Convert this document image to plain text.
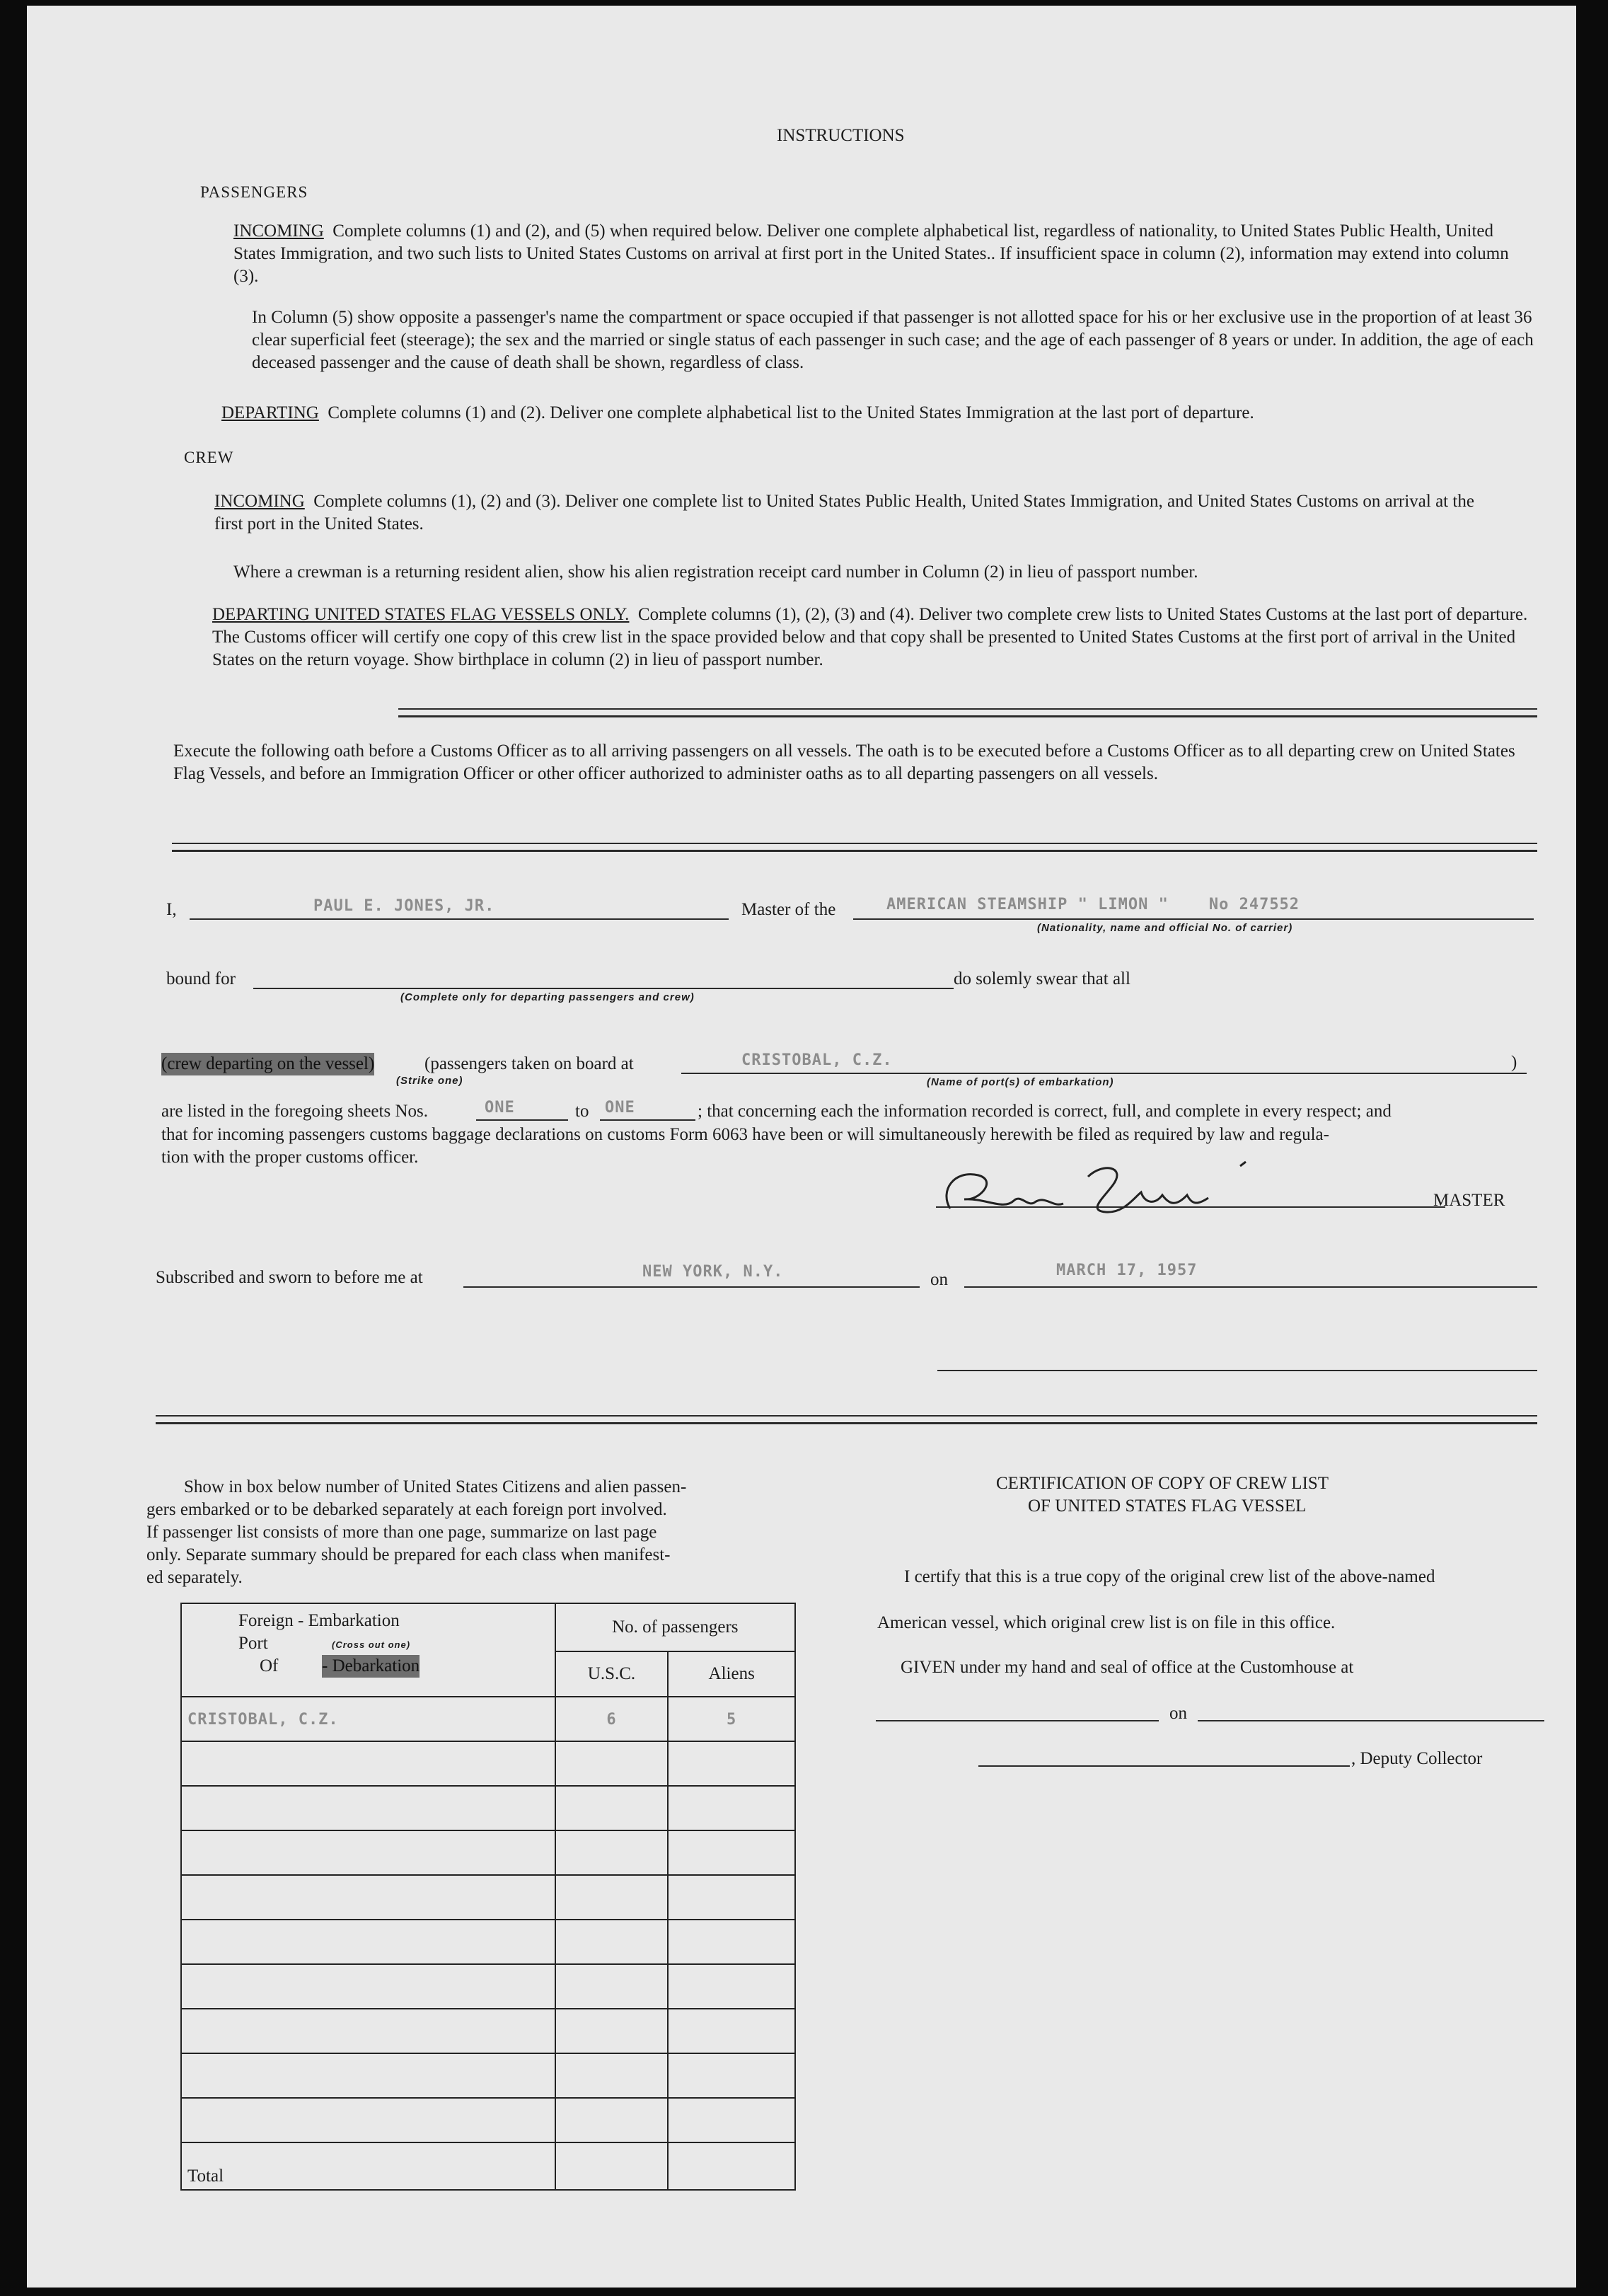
INSTRUCTIONS
PASSENGERS
INCOMING Complete columns (1) and (2), and (5) when required below. Deliver one complete alphabetical list, regardless of nationality, to United States Public Health, United States Immigration, and two such lists to United States Customs on arrival at first port in the United States.. If insufficient space in column (2), information may extend into column (3).
In Column (5) show opposite a passenger's name the compartment or space occupied if that passenger is not allotted space for his or her exclusive use in the proportion of at least 36 clear superficial feet (steerage); the sex and the married or single status of each passenger in such case; and the age of each passenger of 8 years or under. In addition, the age of each deceased passenger and the cause of death shall be shown, regardless of class.
DEPARTING Complete columns (1) and (2). Deliver one complete alphabetical list to the United States Immigration at the last port of departure.
CREW
INCOMING Complete columns (1), (2) and (3). Deliver one complete list to United States Public Health, United States Immigration, and United States Customs on arrival at the first port in the United States.
Where a crewman is a returning resident alien, show his alien registration receipt card number in Column (2) in lieu of passport number.
DEPARTING UNITED STATES FLAG VESSELS ONLY. Complete columns (1), (2), (3) and (4). Deliver two complete crew lists to United States Customs at the last port of departure. The Customs officer will certify one copy of this crew list in the space provided below and that copy shall be presented to United States Customs at the first port of arrival in the United States on the return voyage. Show birthplace in column (2) in lieu of passport number.
Execute the following oath before a Customs Officer as to all arriving passengers on all vessels. The oath is to be executed before a Customs Officer as to all departing crew on United States Flag Vessels, and before an Immigration Officer or other officer authorized to administer oaths as to all departing passengers on all vessels.
I,	PAUL E. JONES, JR.	Master of the	AMERICAN STEAMSHIP " LIMON "    No 247552
(Nationality, name and official No. of carrier)
bound for
(Complete only for departing passengers and crew)
do solemly swear that all
(crew departing on the vessel)
(Strike one)
(passengers taken on board at	CRISTOBAL, C.Z.
(Name of port(s) of embarkation)
)
are listed in the foregoing sheets Nos.	ONE	to ONE	; that concerning each the information recorded is correct, full, and complete in every respect; and
that for incoming passengers customs baggage declarations on customs Form 6063 have been or will simultaneously herewith be filed as required by law and regula-
tion with the proper customs officer.
MASTER
Subscribed and sworn to before me at	NEW YORK, N.Y.	on	MARCH 17, 1957
Show in box below number of United States Citizens and alien passen-
gers embarked or to be debarked separately at each foreign port involved.
If passenger list consists of more than one page, summarize on last page
only. Separate summary should be prepared for each class when manifest-
ed separately.
Foreign - Embarkation
Port (Cross out one)
Of - Debarkation	No. of passengers	
	U.S.C.	Aliens
CRISTOBAL, C.Z.	6	5

Total		
CERTIFICATION OF COPY OF CREW LIST
OF UNITED STATES FLAG VESSEL
I certify that this is a true copy of the original crew list of the above-named
American vessel, which original crew list is on file in this office.
GIVEN under my hand and seal of office at the Customhouse at
on
, Deputy Collector
